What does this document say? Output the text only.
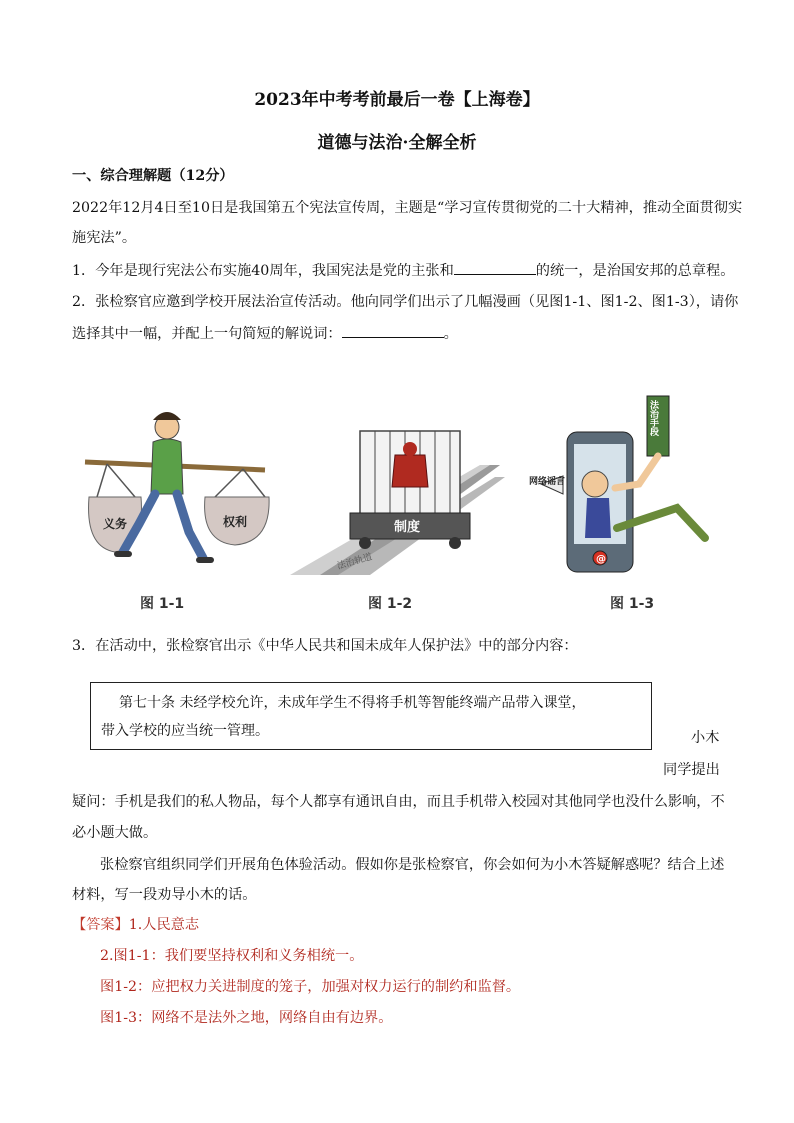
2023年中考考前最后一卷【上海卷】
道德与法治·全解全析
一、综合理解题（12分）
2022年12月4日至10日是我国第五个宪法宣传周，主题是“学习宣传贯彻党的二十大精神，推动全面贯彻实
施宪法”。
1．今年是现行宪法公布实施40周年，我国宪法是党的主张和	的统一，是治国安邦的总章程。
2．张检察官应邀到学校开展法治宣传活动。他向同学们出示了几幅漫画（见图1-1、图1-2、图1-3），请你
选择其中一幅，并配上一句简短的解说词：	。
义务	权利
图 1-1
制度
法治轨道
图 1-2
@
法治手段
网络谣言
图 1-3
3．在活动中，张检察官出示《中华人民共和国未成年人保护法》中的部分内容：
第七十条 未经学校允许，未成年学生不得将手机等智能终端产品带入课堂，
带入学校的应当统一管理。	小木
同学提出
疑问：手机是我们的私人物品，每个人都享有通讯自由，而且手机带入校园对其他同学也没什么影响，不
必小题大做。
张检察官组织同学们开展角色体验活动。假如你是张检察官，你会如何为小木答疑解惑呢？结合上述
材料，写一段劝导小木的话。
【答案】1.人民意志
2.图1-1：我们要坚持权利和义务相统一。
图1-2：应把权力关进制度的笼子，加强对权力运行的制约和监督。
图1-3：网络不是法外之地，网络自由有边界。
